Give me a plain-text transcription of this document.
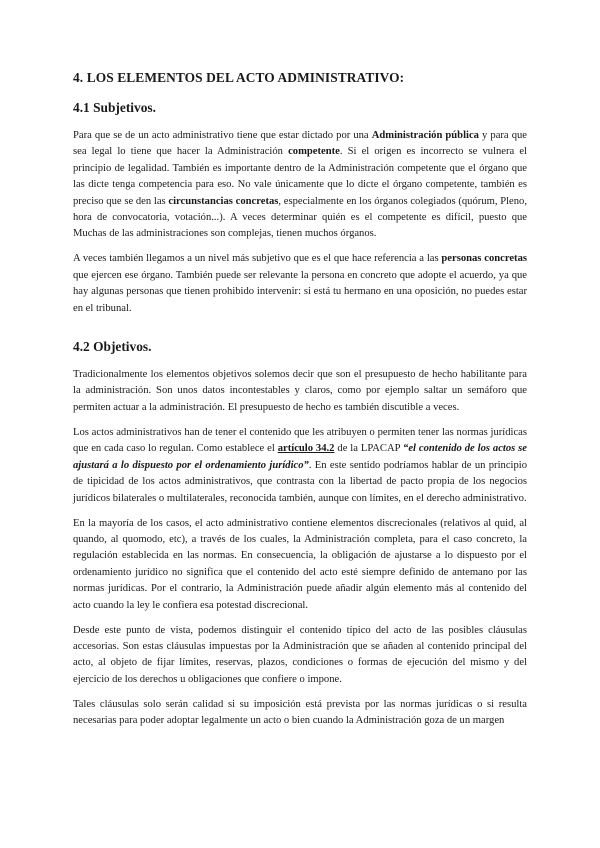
4. LOS ELEMENTOS DEL ACTO ADMINISTRATIVO:
4.1 Subjetivos.

Para que se de un acto administrativo tiene que estar dictado por una Administración pública y para que sea legal lo tiene que hacer la Administración competente. Si el origen es incorrecto se vulnera el principio de legalidad. También es importante dentro de la Administración competente que el órgano que las dicte tenga competencia para eso. No vale únicamente que lo dicte el órgano competente, también es preciso que se den las circunstancias concretas, especialmente en los órganos colegiados (quórum, Pleno, hora de convocatoria, votación...). A veces determinar quién es el competente es difícil, puesto que Muchas de las administraciones son complejas, tienen muchos órganos.

A veces también llegamos a un nivel más subjetivo que es el que hace referencia a las personas concretas que ejercen ese órgano. También puede ser relevante la persona en concreto que adopte el acuerdo, ya que hay algunas personas que tienen prohibido intervenir: si está tu hermano en una oposición, no puedes estar en el tribunal.

4.2 Objetivos.

Tradicionalmente los elementos objetivos solemos decir que son el presupuesto de hecho habilitante para la administración. Son unos datos incontestables y claros, como por ejemplo saltar un semáforo que permiten actuar a la administración. El presupuesto de hecho es también discutible a veces.

Los actos administrativos han de tener el contenido que les atribuyen o permiten tener las normas jurídicas que en cada caso lo regulan. Como establece el artículo 34.2 de la LPACAP “el contenido de los actos se ajustará a lo dispuesto por el ordenamiento jurídico”. En este sentido podríamos hablar de un principio de tipicidad de los actos administrativos, que contrasta con la libertad de pacto propia de los negocios jurídicos bilaterales o multilaterales, reconocida también, aunque con límites, en el derecho administrativo.

En la mayoría de los casos, el acto administrativo contiene elementos discrecionales (relativos al quid, al quando, al quomodo, etc), a través de los cuales, la Administración completa, para el caso concreto, la regulación establecida en las normas. En consecuencia, la obligación de ajustarse a lo dispuesto por el ordenamiento jurídico no significa que el contenido del acto esté siempre definido de antemano por las normas jurídicas. Por el contrario, la Administración puede añadir algún elemento más al contenido del acto cuando la ley le confiera esa potestad discrecional.

Desde este punto de vista, podemos distinguir el contenido típico del acto de las posibles cláusulas accesorias. Son estas cláusulas impuestas por la Administración que se añaden al contenido principal del acto, al objeto de fijar límites, reservas, plazos, condiciones o formas de ejecución del mismo y del ejercicio de los derechos u obligaciones que confiere o impone.

Tales cláusulas solo serán calidad si su imposición está prevista por las normas jurídicas o si resulta necesarias para poder adoptar legalmente un acto o bien cuando la Administración goza de un margen
